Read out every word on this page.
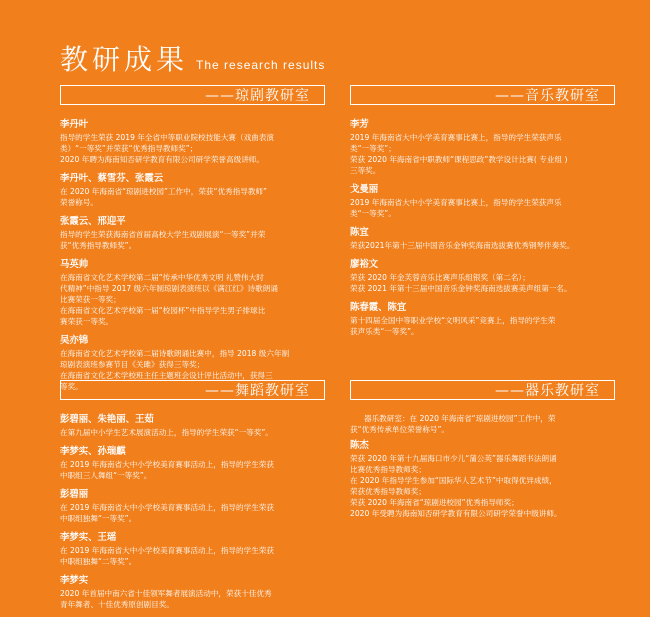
教研成果 The research results
——琼剧教研室
李丹叶
指导的学生荣获 2019 年全省中等职业院校技能大赛（戏曲表演
类）“一等奖”并荣获“优秀指导教师奖”；
2020 年聘为海南知否研学教育有限公司研学荣誉高级讲师。
李丹叶、蔡雪芬、张霞云
在 2020 年海南省“琼剧进校园”工作中，荣获“优秀指导教师”
荣誉称号。
张霞云、邢迎平
指导的学生荣获海南省首届高校大学生戏剧展演“一等奖”并荣
获“优秀指导教师奖”。
马英帅
在海南省文化艺术学校第二届“传承中华优秀文明 礼赞伟大时
代精神”中指导 2017 级六年制琼剧表演班以《满江红》诗歌朗诵
比赛荣获一等奖；
在海南省文化艺术学校第一届“校园杯”中指导学生男子排球比
赛荣获一等奖。
吴亦锦
在海南省文化艺术学校第二届诗歌朗诵比赛中，指导 2018 级六年制
琼剧表演班参赛节目《关雎》获得三等奖；
在海南省文化艺术学校班主任主题班会设计评比活动中，获得三
等奖。
——音乐教研室
李芳
2019 年海南省大中小学美育赛事比赛上，指导的学生荣获声乐
类“一等奖”；
荣获 2020 年海南省中职教师“课程思政”教学设计比赛( 专业组 )
三等奖。
戈曼丽
2019 年海南省大中小学美育赛事比赛上，指导的学生荣获声乐
类“一等奖”。
陈宜
荣获2021年第十三届中国音乐金钟奖海南选拔赛优秀钢琴伴奏奖。
廖裕文
荣获 2020 年金芙蓉音乐比赛声乐组银奖（第二名）；
荣获 2021 年第十三届中国音乐金钟奖海南选拔赛美声组第一名。
陈春霞、陈宜
第十四届全国中等职业学校“文明风采”竞赛上，指导的学生荣
获声乐类“一等奖”。
——舞蹈教研室
彭碧丽、朱艳丽、王茹
在第九届中小学生艺术展演活动上，指导的学生荣获“一等奖”。
李梦实、孙瑞麒
在 2019 年海南省大中小学校美育赛事活动上，指导的学生荣获
中职组三人舞组“一等奖”。
彭碧丽
在 2019 年海南省大中小学校美育赛事活动上，指导的学生荣获
中职组独舞“一等奖”。
李梦实、王瑶
在 2019 年海南省大中小学校美育赛事活动上，指导的学生荣获
中职组独舞“二等奖”。
李梦实
2020 年首届中南六省十佳领军舞者展演活动中，荣获十佳优秀
青年舞者、十佳优秀原创剧目奖。
——器乐教研室
器乐教研室：在 2020 年海南省“琼剧进校园”工作中，荣
获“优秀传承单位荣誉称号”。
陈杰
荣获 2020 年第十九届海口市少儿“蒲公英”器乐舞蹈书法朗诵
比赛优秀指导教师奖；
在 2020 年指导学生参加“国际华人艺术节”中取得优异成绩，
荣获优秀指导教师奖；
荣获 2020 年海南省“琼剧进校园”优秀指导师奖；
2020 年受聘为海南知否研学教育有限公司研学荣誉中级讲师。
